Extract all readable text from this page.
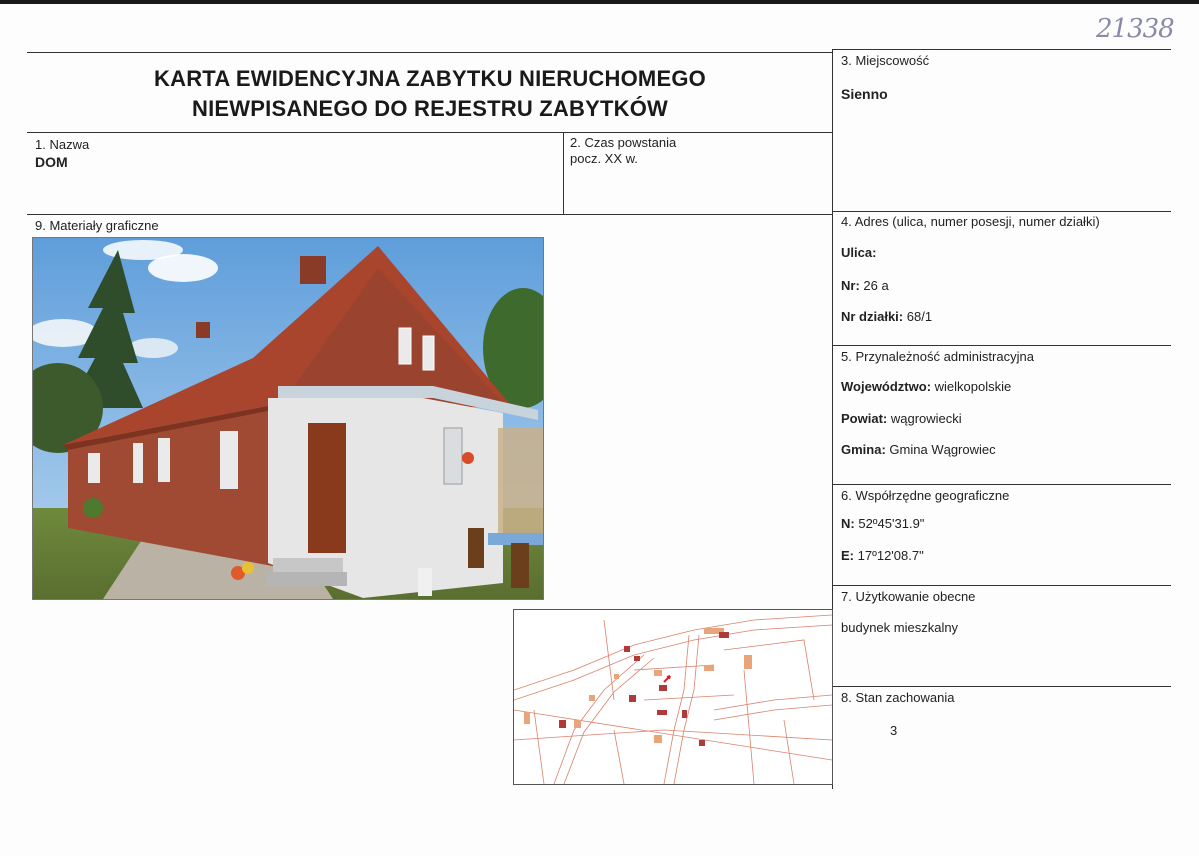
21338
KARTA EWIDENCYJNA ZABYTKU NIERUCHOMEGO
NIEWPISANEGO DO REJESTRU ZABYTKÓW
1. Nazwa
DOM
2. Czas powstania
pocz. XX w.
3. Miejscowość
Sienno
9. Materiały graficzne	4. Adres (ulica, numer posesji, numer działki)
Ulica:
Nr: 26 a
Nr działki: 68/1
5. Przynależność administracyjna
Województwo: wielkopolskie
Powiat: wągrowiecki
Gmina: Gmina Wągrowiec
6. Współrzędne geograficzne
N: 52º45'31.9"
E: 17º12'08.7"
7. Użytkowanie obecne
budynek mieszkalny
8. Stan zachowania
3
